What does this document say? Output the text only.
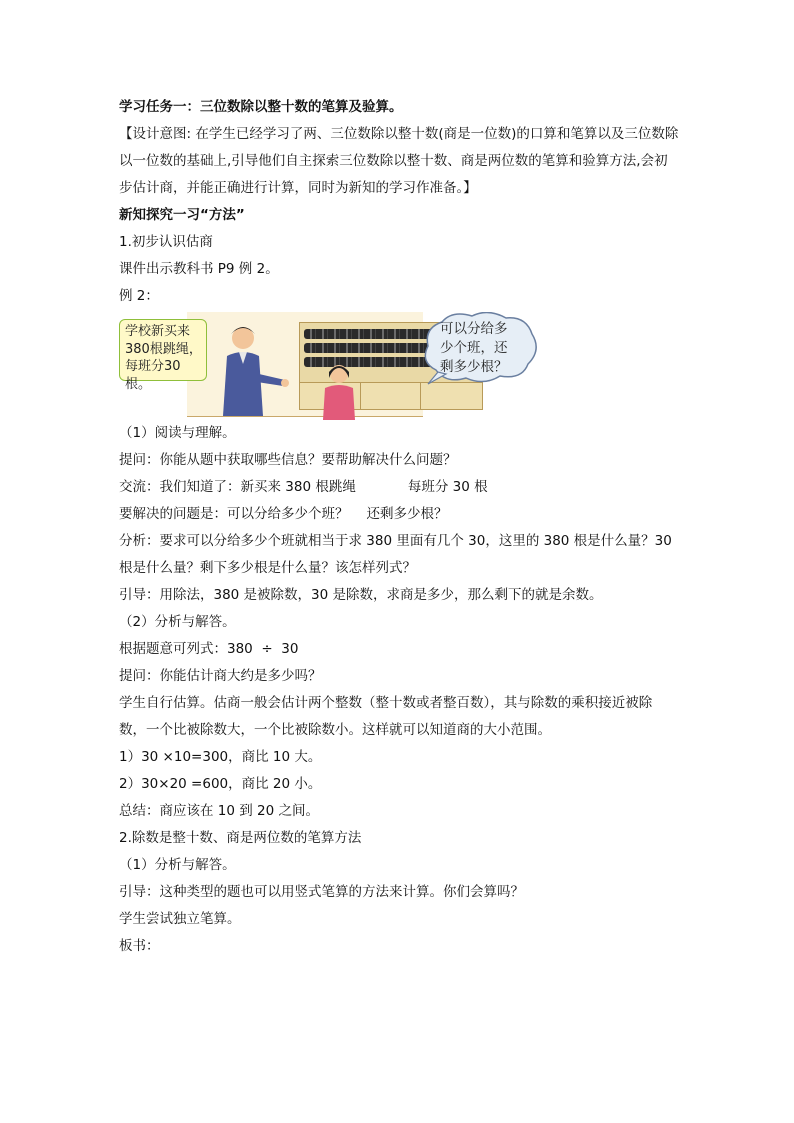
学习任务一：三位数除以整十数的笔算及验算。
【设计意图: 在学生已经学习了两、三位数除以整十数(商是一位数)的口算和笔算以及三位数除以一位数的基础上,引导他们自主探索三位数除以整十数、商是两位数的笔算和验算方法,会初步估计商，并能正确进行计算，同时为新知的学习作准备。】
新知探究一习“方法”
1.初步认识估商
课件出示教科书 P9 例 2。
例 2：
学校新买来
380根跳绳，
每班分30根。
可以分给多
少个班，还
剩多少根？
（1）阅读与理解。
提问：你能从题中获取哪些信息？要帮助解决什么问题？
交流：我们知道了：新买来 380 根跳绳	每班分 30 根
要解决的问题是：可以分给多少个班？ 还剩多少根？
分析：要求可以分给多少个班就相当于求 380 里面有几个 30，这里的 380 根是什么量？30 根是什么量？剩下多少根是什么量？该怎样列式？
引导：用除法，380 是被除数，30 是除数，求商是多少，那么剩下的就是余数。
（2）分析与解答。
根据题意可列式：380  ÷  30
提问：你能估计商大约是多少吗？
学生自行估算。估商一般会估计两个整数（整十数或者整百数），其与除数的乘积接近被除数，一个比被除数大，一个比被除数小。这样就可以知道商的大小范围。
1）30 ×10=300，商比 10 大。
2）30×20 =600，商比 20 小。
总结：商应该在 10 到 20 之间。
2.除数是整十数、商是两位数的笔算方法
（1）分析与解答。
引导：这种类型的题也可以用竖式笔算的方法来计算。你们会算吗？
学生尝试独立笔算。
板书：
